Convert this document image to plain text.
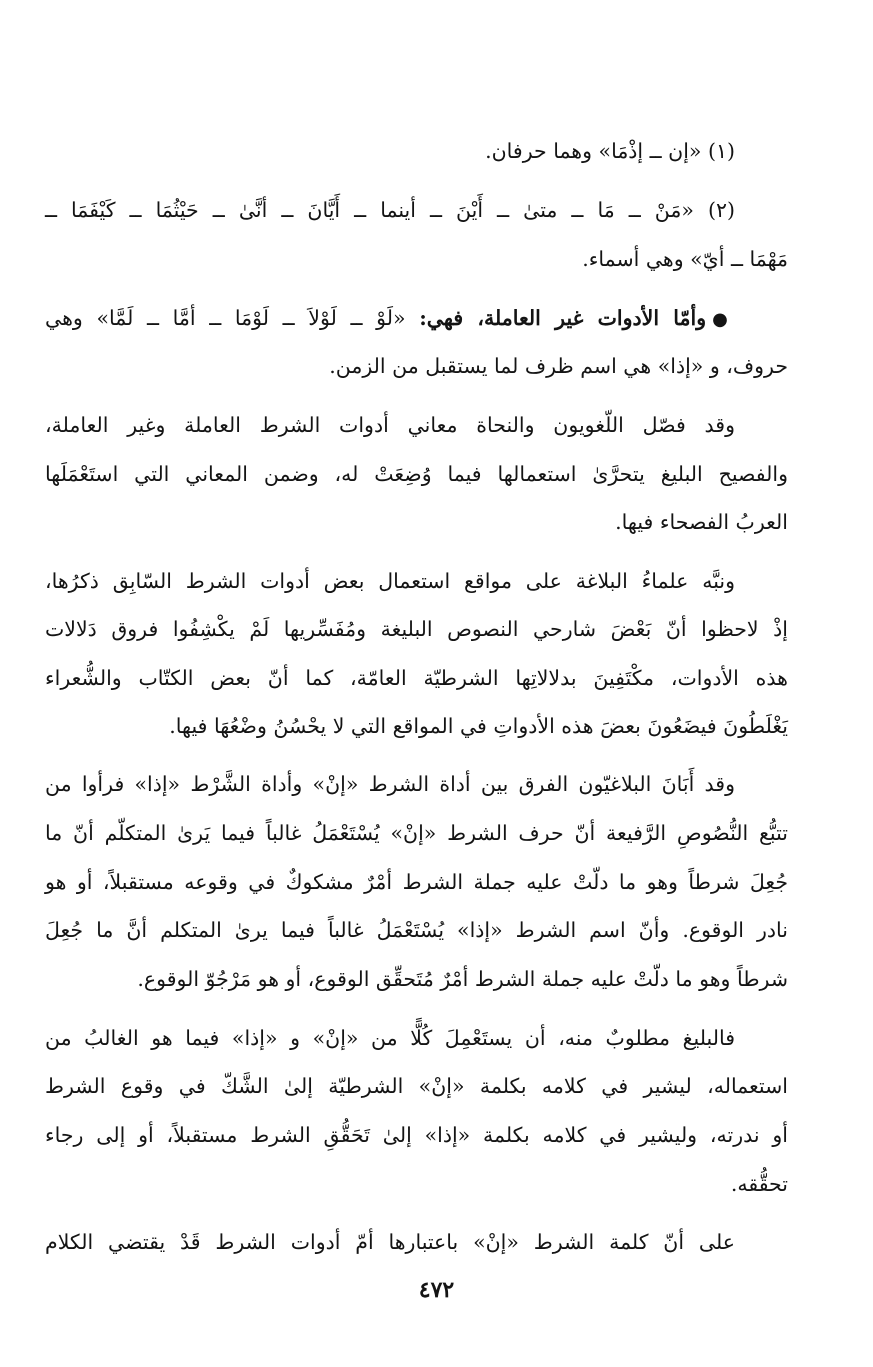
(١) «إن ــ إذْمَا» وهما حرفان.
(٢) «مَنْ ــ مَا ــ متىٰ ــ أَيْنَ ــ أينما ــ أَيَّانَ ــ أنَّىٰ ــ حَيْثُمَا ــ كَيْفَمَا ــ
مَهْمَا ــ أيّ» وهي أسماء.
●وأمّا الأدوات غير العاملة، فهي: «لَوْ ــ لَوْلاَ ــ لَوْمَا ــ أمَّا ــ لَمَّا» وهي
حروف، و «إذا» هي اسم ظرف لما يستقبل من الزمن.
وقد فصّل اللّغويون والنحاة معاني أدوات الشرط العاملة وغير العاملة،
والفصيح البليغ يتحرَّىٰ استعمالها فيما وُضِعَتْ له، وضمن المعاني التي استَعْمَلَها
العربُ الفصحاء فيها.
ونبَّه علماءُ البلاغة على مواقع استعمال بعض أدوات الشرط السّابِق ذكرُها،
إذْ لاحظوا أنّ بَعْضَ شارحي النصوص البليغة ومُفَسِّريها لَمْ يكْشِفُوا فروق دَلالات
هذه الأدوات، مكْتَفِينَ بدلالاتِها الشرطيّة العامّة، كما أنّ بعض الكتّاب والشُّعراء
يَغْلَطُونَ فيضَعُونَ بعضَ هذه الأدواتِ في المواقع التي لا يحْسُنُ وضْعُهَا فيها.
وقد أَبَانَ البلاغيّون الفرق بين أداة الشرط «إنْ» وأداة الشَّرْط «إذا» فرأوا من
تتبُّع النُّصُوصِ الرَّفيعة أنّ حرف الشرط «إنْ» يُسْتَعْمَلُ غالباً فيما يَرىٰ المتكلّم أنّ ما
جُعِلَ شرطاً وهو ما دلّتْ عليه جملة الشرط أمْرٌ مشكوكٌ في وقوعه مستقبلاً، أو هو
نادر الوقوع. وأنّ اسم الشرط «إذا» يُسْتَعْمَلُ غالباً فيما يرىٰ المتكلم أنَّ ما جُعِلَ
شرطاً وهو ما دلّتْ عليه جملة الشرط أمْرٌ مُتَحقِّق الوقوع، أو هو مَرْجُوّ الوقوع.
فالبليغ مطلوبٌ منه، أن يستَعْمِلَ كُلًّا من «إنْ» و «إذا» فيما هو الغالبُ من
استعماله، ليشير في كلامه بكلمة «إنْ» الشرطيّة إلىٰ الشَّكّ في وقوع الشرط
أو ندرته، وليشير في كلامه بكلمة «إذا» إلىٰ تَحَقُّقِ الشرط مستقبلاً، أو إلى رجاء
تحقُّقه.
على أنّ كلمة الشرط «إنْ» باعتبارها أمّ أدوات الشرط قَدْ يقتضي الكلام
٤٧٢
